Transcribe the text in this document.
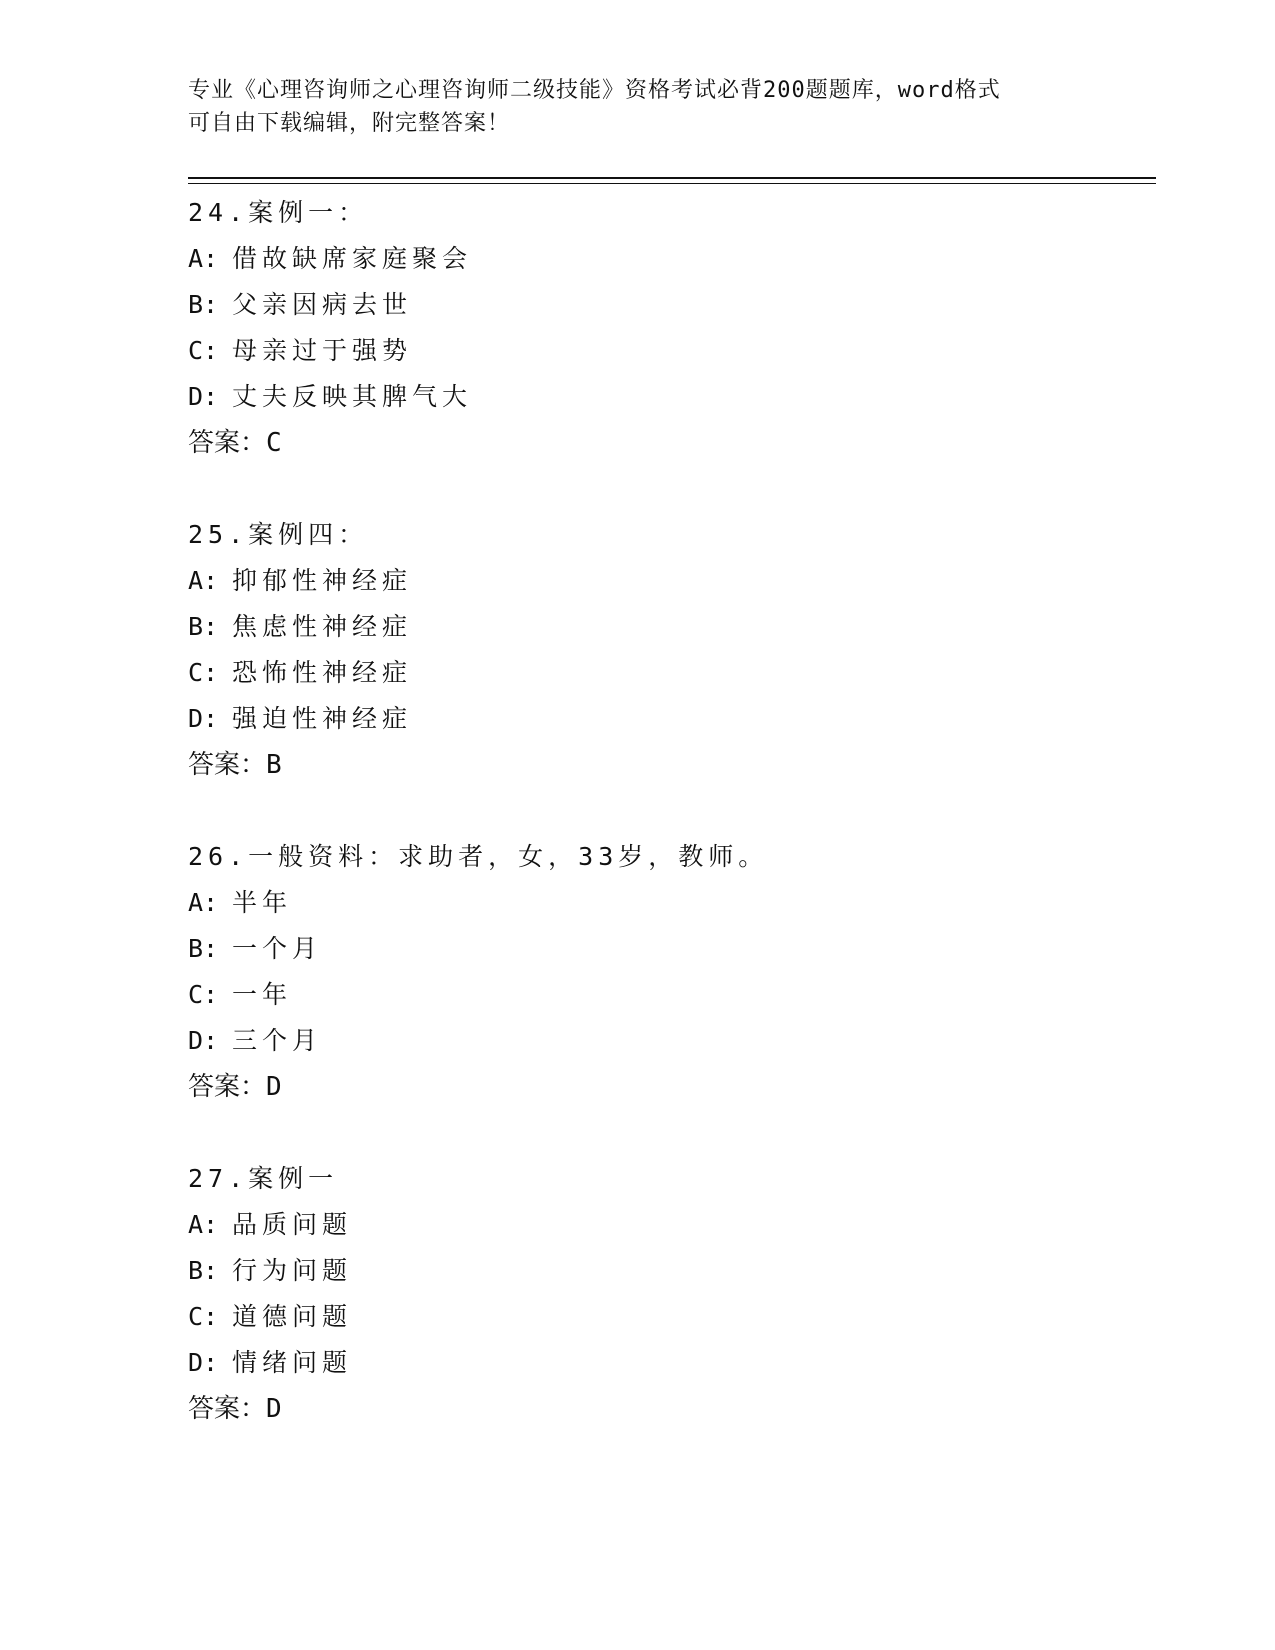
专业《心理咨询师之心理咨询师二级技能》资格考试必背200题题库，word格式
可自由下载编辑，附完整答案！
24.案例一：
A: 借故缺席家庭聚会
B: 父亲因病去世
C: 母亲过于强势
D: 丈夫反映其脾气大
答案：C
25.案例四：
A: 抑郁性神经症
B: 焦虑性神经症
C: 恐怖性神经症
D: 强迫性神经症
答案：B
26.一般资料：求助者，女，33岁，教师。
A: 半年
B: 一个月
C: 一年
D: 三个月
答案：D
27.案例一
A: 品质问题
B: 行为问题
C: 道德问题
D: 情绪问题
答案：D
